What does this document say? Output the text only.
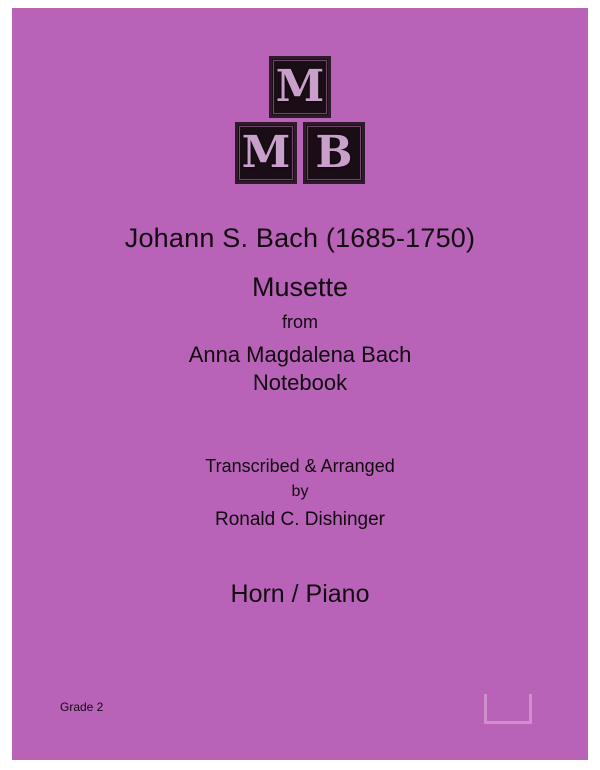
M
M B
Johann S. Bach (1685-1750)
Musette
from
Anna Magdalena Bach
Notebook
Transcribed & Arranged
by
Ronald C. Dishinger
Horn / Piano
Grade 2
